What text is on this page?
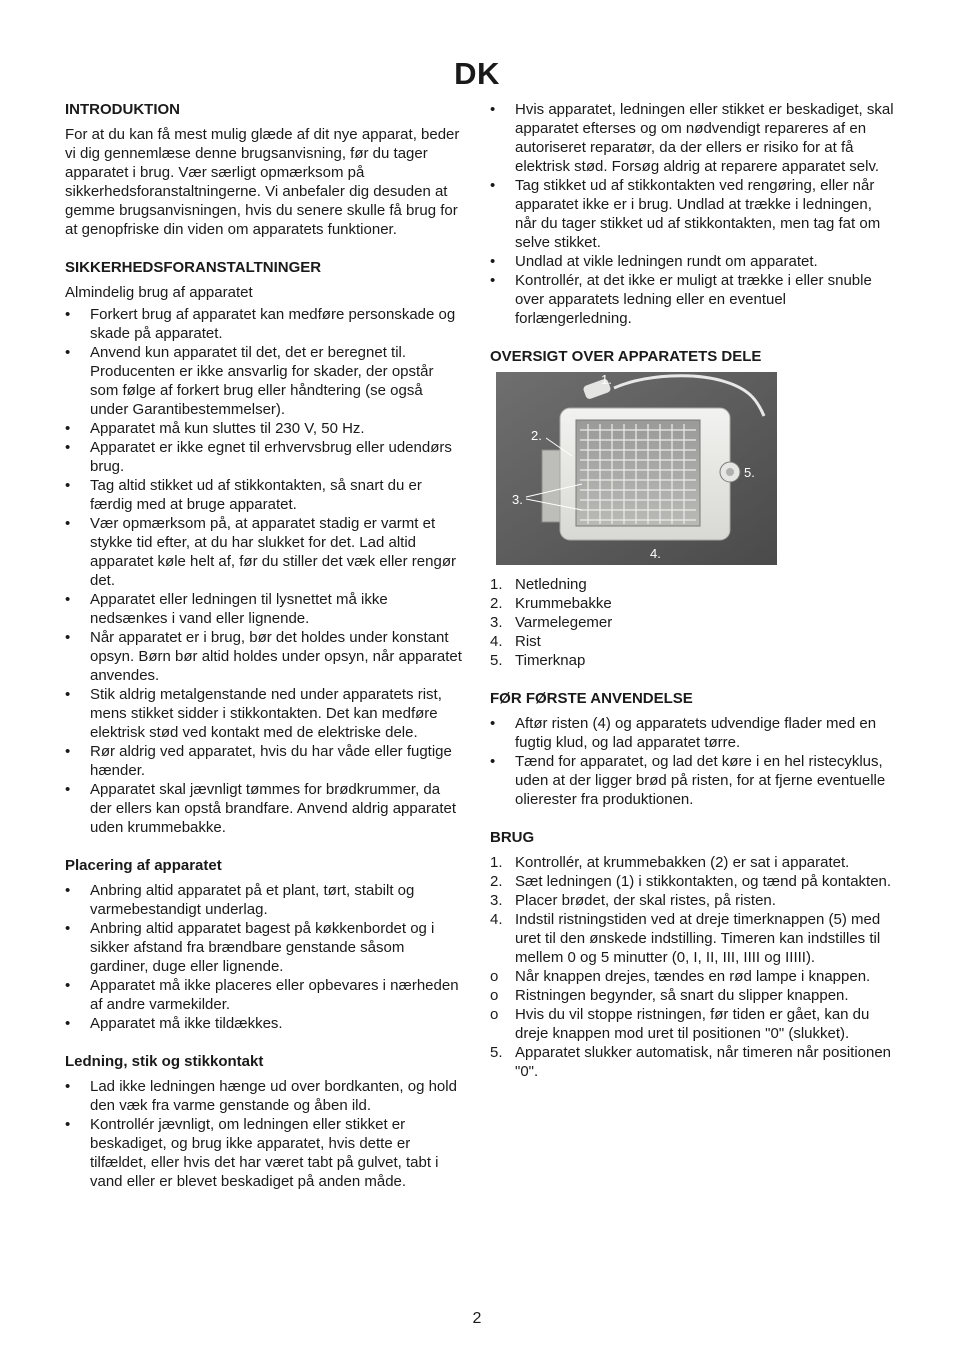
DK
INTRODUKTION

For at du kan få mest mulig glæde af dit nye apparat, beder vi dig gennemlæse denne brugsanvisning, før du tager apparatet i brug. Vær særligt opmærksom på sikkerhedsforanstaltningerne. Vi anbefaler dig desuden at gemme brugsanvisningen, hvis du senere skulle få brug for at genopfriske din viden om apparatets funktioner.

SIKKERHEDSFORANSTALTNINGER

Almindelig brug af apparatet

• Forkert brug af apparatet kan medføre personskade og skade på apparatet.
• Anvend kun apparatet til det, det er beregnet til. Producenten er ikke ansvarlig for skader, der opstår som følge af forkert brug eller håndtering (se også under Garantibestemmelser).
• Apparatet må kun sluttes til 230 V, 50 Hz.
• Apparatet er ikke egnet til erhvervsbrug eller udendørs brug.
• Tag altid stikket ud af stikkontakten, så snart du er færdig med at bruge apparatet.
• Vær opmærksom på, at apparatet stadig er varmt et stykke tid efter, at du har slukket for det. Lad altid apparatet køle helt af, før du stiller det væk eller rengør det.
• Apparatet eller ledningen til lysnettet må ikke nedsænkes i vand eller lignende.
• Når apparatet er i brug, bør det holdes under konstant opsyn. Børn bør altid holdes under opsyn, når apparatet anvendes.
• Stik aldrig metalgenstande ned under apparatets rist, mens stikket sidder i stikkontakten. Det kan medføre elektrisk stød ved kontakt med de elektriske dele.
• Rør aldrig ved apparatet, hvis du har våde eller fugtige hænder.
• Apparatet skal jævnligt tømmes for brødkrummer, da der ellers kan opstå brandfare. Anvend aldrig apparatet uden krummebakke.
Placering af apparatet
• Anbring altid apparatet på et plant, tørt, stabilt og varmebestandigt underlag.
• Anbring altid apparatet bagest på køkkenbordet og i sikker afstand fra brændbare genstande såsom gardiner, duge eller lignende.
• Apparatet må ikke placeres eller opbevares i nærheden af andre varmekilder.
• Apparatet må ikke tildækkes.
Ledning, stik og stikkontakt
• Lad ikke ledningen hænge ud over bordkanten, og hold den væk fra varme genstande og åben ild.
• Kontrollér jævnligt, om ledningen eller stikket er beskadiget, og brug ikke apparatet, hvis dette er tilfældet, eller hvis det har været tabt på gulvet, tabt i vand eller er blevet beskadiget på anden måde.
• Hvis apparatet, ledningen eller stikket er beskadiget, skal apparatet efterses og om nødvendigt repareres af en autoriseret reparatør, da der ellers er risiko for at få elektrisk stød. Forsøg aldrig at reparere apparatet selv.
• Tag stikket ud af stikkontakten ved rengøring, eller når apparatet ikke er i brug. Undlad at trække i ledningen, når du tager stikket ud af stikkontakten, men tag fat om selve stikket.
• Undlad at vikle ledningen rundt om apparatet.
• Kontrollér, at det ikke er muligt at trække i eller snuble over apparatets ledning eller en eventuel forlængerledning.
OVERSIGT OVER APPARATETS DELE
1.
2.
3.
4.
5.
1. Netledning
2. Krummebakke
3. Varmelegemer
4. Rist
5. Timerknap
FØR FØRSTE ANVENDELSE
• Aftør risten (4) og apparatets udvendige flader med en fugtig klud, og lad apparatet tørre.
• Tænd for apparatet, og lad det køre i en hel ristecyklus, uden at der ligger brød på risten, for at fjerne eventuelle olierester fra produktionen.
BRUG
1. Kontrollér, at krummebakken (2) er sat i apparatet.
2. Sæt ledningen (1) i stikkontakten, og tænd på kontakten.
3. Placer brødet, der skal ristes, på risten.
4. Indstil ristningstiden ved at dreje timerknappen (5) med uret til den ønskede indstilling. Timeren kan indstilles til mellem 0 og 5 minutter (0, I, II, III, IIII og IIIII).
o Når knappen drejes, tændes en rød lampe i knappen.
o Ristningen begynder, så snart du slipper knappen.
o Hvis du vil stoppe ristningen, før tiden er gået, kan du dreje knappen mod uret til positionen "0" (slukket).
5. Apparatet slukker automatisk, når timeren når positionen "0".
2
